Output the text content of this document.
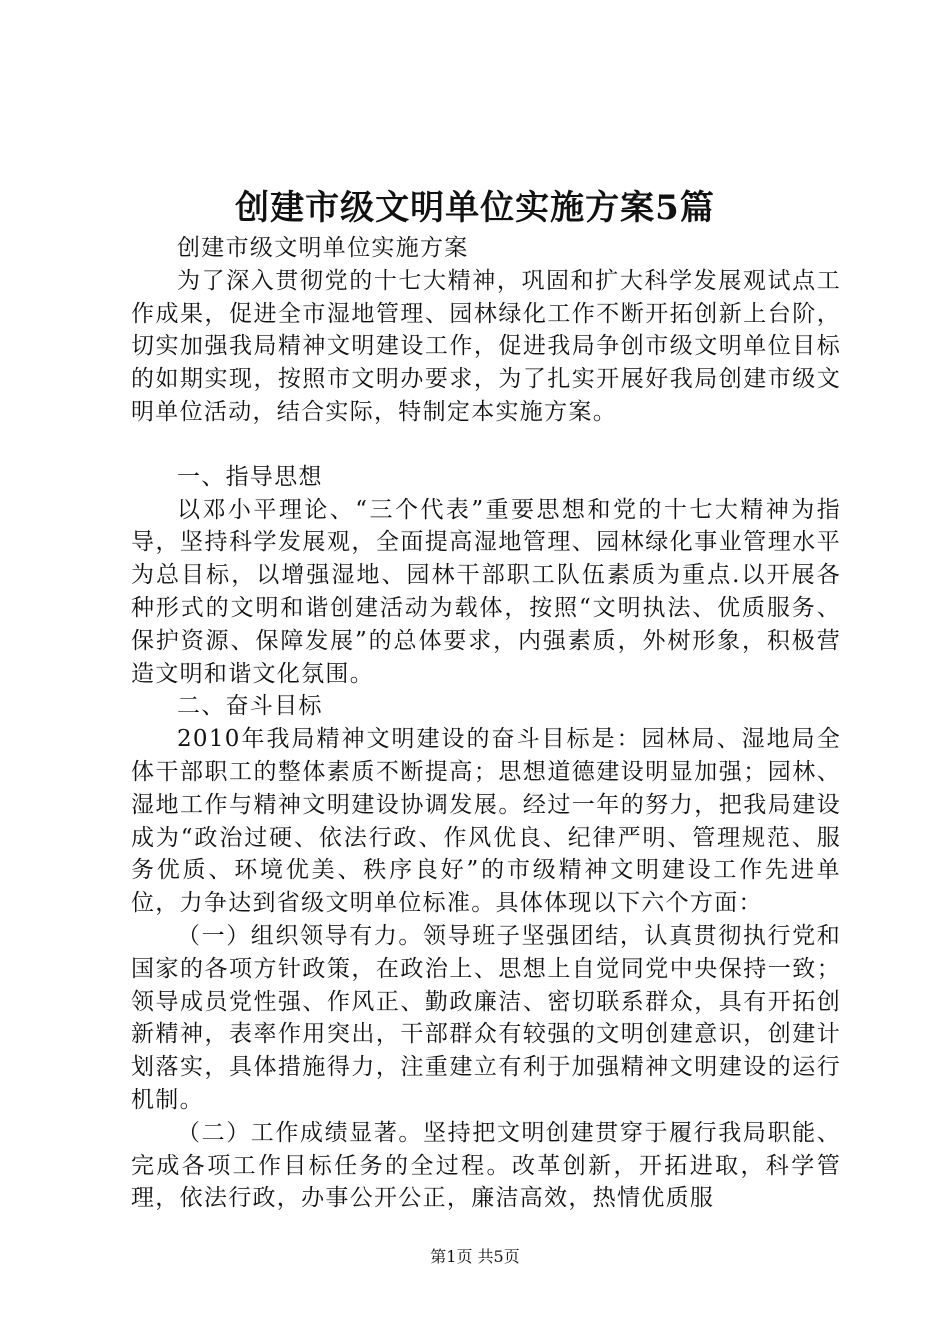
创建市级文明单位实施方案5篇

创建市级文明单位实施方案

为了深入贯彻党的十七大精神，巩固和扩大科学发展观试点工作成果，促进全市湿地管理、园林绿化工作不断开拓创新上台阶，切实加强我局精神文明建设工作，促进我局争创市级文明单位目标的如期实现，按照市文明办要求，为了扎实开展好我局创建市级文明单位活动，结合实际，特制定本实施方案。

一、指导思想

以邓小平理论、“三个代表”重要思想和党的十七大精神为指导，坚持科学发展观，全面提高湿地管理、园林绿化事业管理水平为总目标，以增强湿地、园林干部职工队伍素质为重点.以开展各种形式的文明和谐创建活动为载体，按照“文明执法、优质服务、保护资源、保障发展”的总体要求，内强素质，外树形象，积极营造文明和谐文化氛围。

二、奋斗目标

2010年我局精神文明建设的奋斗目标是：园林局、湿地局全体干部职工的整体素质不断提高；思想道德建设明显加强；园林、湿地工作与精神文明建设协调发展。经过一年的努力，把我局建设成为“政治过硬、依法行政、作风优良、纪律严明、管理规范、服务优质、环境优美、秩序良好”的市级精神文明建设工作先进单位，力争达到省级文明单位标准。具体体现以下六个方面：

（一）组织领导有力。领导班子坚强团结，认真贯彻执行党和国家的各项方针政策，在政治上、思想上自觉同党中央保持一致；领导成员党性强、作风正、勤政廉洁、密切联系群众，具有开拓创新精神，表率作用突出，干部群众有较强的文明创建意识，创建计划落实，具体措施得力，注重建立有利于加强精神文明建设的运行机制。

（二）工作成绩显著。坚持把文明创建贯穿于履行我局职能、完成各项工作目标任务的全过程。改革创新，开拓进取，科学管理，依法行政，办事公开公正，廉洁高效，热情优质服

第1页 共5页
